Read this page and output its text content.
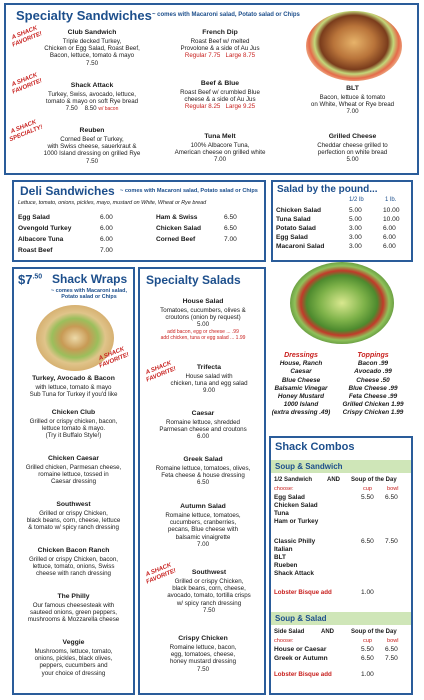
Specialty Sandwiches ~ comes with Macaroni salad, Potato salad or Chips
A SHACK FAVORITE!
A SHACK FAVORITE!
A SHACK SPECIALTY!
Club Sandwich
Triple decked Turkey,
Chicken or Egg Salad, Roast Beef,
Bacon, lettuce, tomato & mayo
7.50
French Dip
Roast Beef w/ melted
Provolone & a side of Au Jus
Regular 7.75 Large 8.75
Shack Attack
Turkey, Swiss, avocado, lettuce,
tomato & mayo on soft Rye bread
7.50 8.50 w/ bacon
Beef & Blue
Roast Beef w/ crumbled Blue
cheese & a side of Au Jus
Regular 8.25 Large 9.25
BLT
Bacon, lettuce & tomato
on White, Wheat or Rye bread
7.00
Reuben
Corned Beef or Turkey,
with Swiss cheese, sauerkraut &
1000 Island dressing on grilled Rye
7.50
Tuna Melt
100% Albacore Tuna,
American cheese on grilled white
7.00
Grilled Cheese
Cheddar cheese grilled to
perfection on white bread
5.00
Deli Sandwiches ~ comes with Macaroni salad, Potato salad or Chips
Lettuce, tomato, onions, pickles, mayo, mustard on White, Wheat or Rye bread
Egg Salad	6.00
Ovengold Turkey	6.00
Albacore Tuna	6.00
Roast Beef	7.00
Ham & Swiss	6.50
Chicken Salad	6.50
Corned Beef	7.00
Salad by the pound...
1/2 lb	1 lb.
Chicken Salad	5.00	10.00
Tuna Salad	5.00	10.00
Potato Salad	3.00	6.00
Egg Salad	3.00	6.00
Macaroni Salad	3.00	6.00
$\$7^{.50}$ Shack Wraps
~ comes with Macaroni salad,
Potato salad or Chips
A SHACK FAVORITE!
Turkey, Avocado & Bacon
with lettuce, tomato & mayo
Sub Tuna for Turkey if you'd like
Chicken Club
Grilled or crispy chicken, bacon,
lettuce tomato & mayo.
(Try it Buffalo Style!)
Chicken Caesar
Grilled chicken, Parmesan cheese,
romaine lettuce, tossed in
Caesar dressing
Southwest
Grilled or crispy Chicken,
black beans, corn, cheese, lettuce
& tomato w/ spicy ranch dressing
Chicken Bacon Ranch
Grilled or crispy Chicken, bacon,
lettuce, tomato, onions, Swiss
cheese with ranch dressing
The Philly
Our famous cheesesteak with
sauteed onions, green peppers,
mushrooms & Mozzarella cheese
Veggie
Mushrooms, lettuce, tomato,
onions, pickles, black olives,
peppers, cucumbers and
your choice of dressing
Specialty Salads
A SHACK FAVORITE!
A SHACK FAVORITE!
House Salad
Tomatoes, cucumbers, olives &
croutons (onion by request)
5.00
add bacon, egg or cheese ... .99
add chicken, tuna or egg salad ... 1.99
Trifecta
House salad with
chicken, tuna and egg salad
9.00
Caesar
Romaine lettuce, shredded
Parmesan cheese and croutons
6.00
Greek Salad
Romaine lettuce, tomatoes, olives,
Feta cheese & house dressing
6.50
Autumn Salad
Romaine lettuce, tomatoes,
cucumbers, cranberries,
pecans, Blue cheese with
balsamic vinaigrette
7.00
Southwest
Grilled or crispy Chicken,
black beans, corn, cheese,
avocado, tomato, tortilla crisps
w/ spicy ranch dressing
7.50
Crispy Chicken
Romaine lettuce, bacon,
egg, tomatoes, cheese,
honey mustard dressing
7.50
Dressings
House, Ranch
Caesar
Blue Cheese
Balsamic Vinegar
Honey Mustard
1000 Island
(extra dressing .49)
Toppings
Bacon .99
Avocado .99
Cheese .50
Blue Cheese .99
Feta Cheese .99
Grilled Chicken 1.99
Crispy Chicken 1.99
Shack Combos
Soup & Sandwich
1/2 Sandwich AND Soup of the Day
choose:	cup	bowl
Egg Salad
Chicken Salad
Tuna
Ham or Turkey
5.50 6.50
Classic Philly
Italian
BLT
Rueben
Shack Attack
6.50 7.50
Lobster Bisque add	1.00
Soup & Salad
Side Salad	AND	Soup of the Day
choose:	cup	bowl
House or Caesar	5.50 6.50
Greek or Autumn	6.50 7.50
Lobster Bisque add	1.00
